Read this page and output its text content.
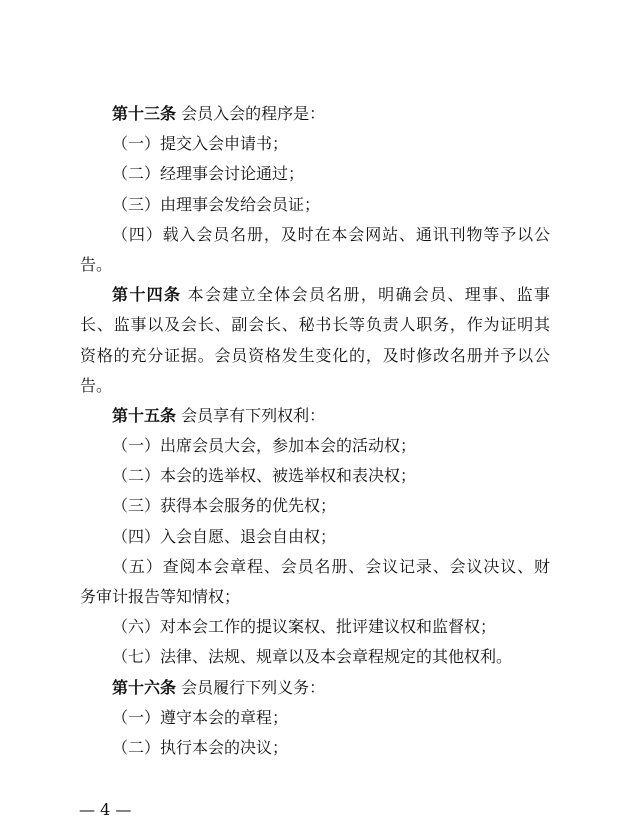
第十三条 会员入会的程序是：
（一）提交入会申请书；
（二）经理事会讨论通过；
（三）由理事会发给会员证；
（四）载入会员名册，及时在本会网站、通讯刊物等予以公
告。
第十四条 本会建立全体会员名册，明确会员、理事、监事
长、监事以及会长、副会长、秘书长等负责人职务，作为证明其
资格的充分证据。会员资格发生变化的，及时修改名册并予以公
告。
第十五条 会员享有下列权利：
（一）出席会员大会，参加本会的活动权；
（二）本会的选举权、被选举权和表决权；
（三）获得本会服务的优先权；
（四）入会自愿、退会自由权；
（五）查阅本会章程、会员名册、会议记录、会议决议、财
务审计报告等知情权；
（六）对本会工作的提议案权、批评建议权和监督权；
（七）法律、法规、规章以及本会章程规定的其他权利。
第十六条 会员履行下列义务：
（一）遵守本会的章程；
（二）执行本会的决议；
— 4 —
